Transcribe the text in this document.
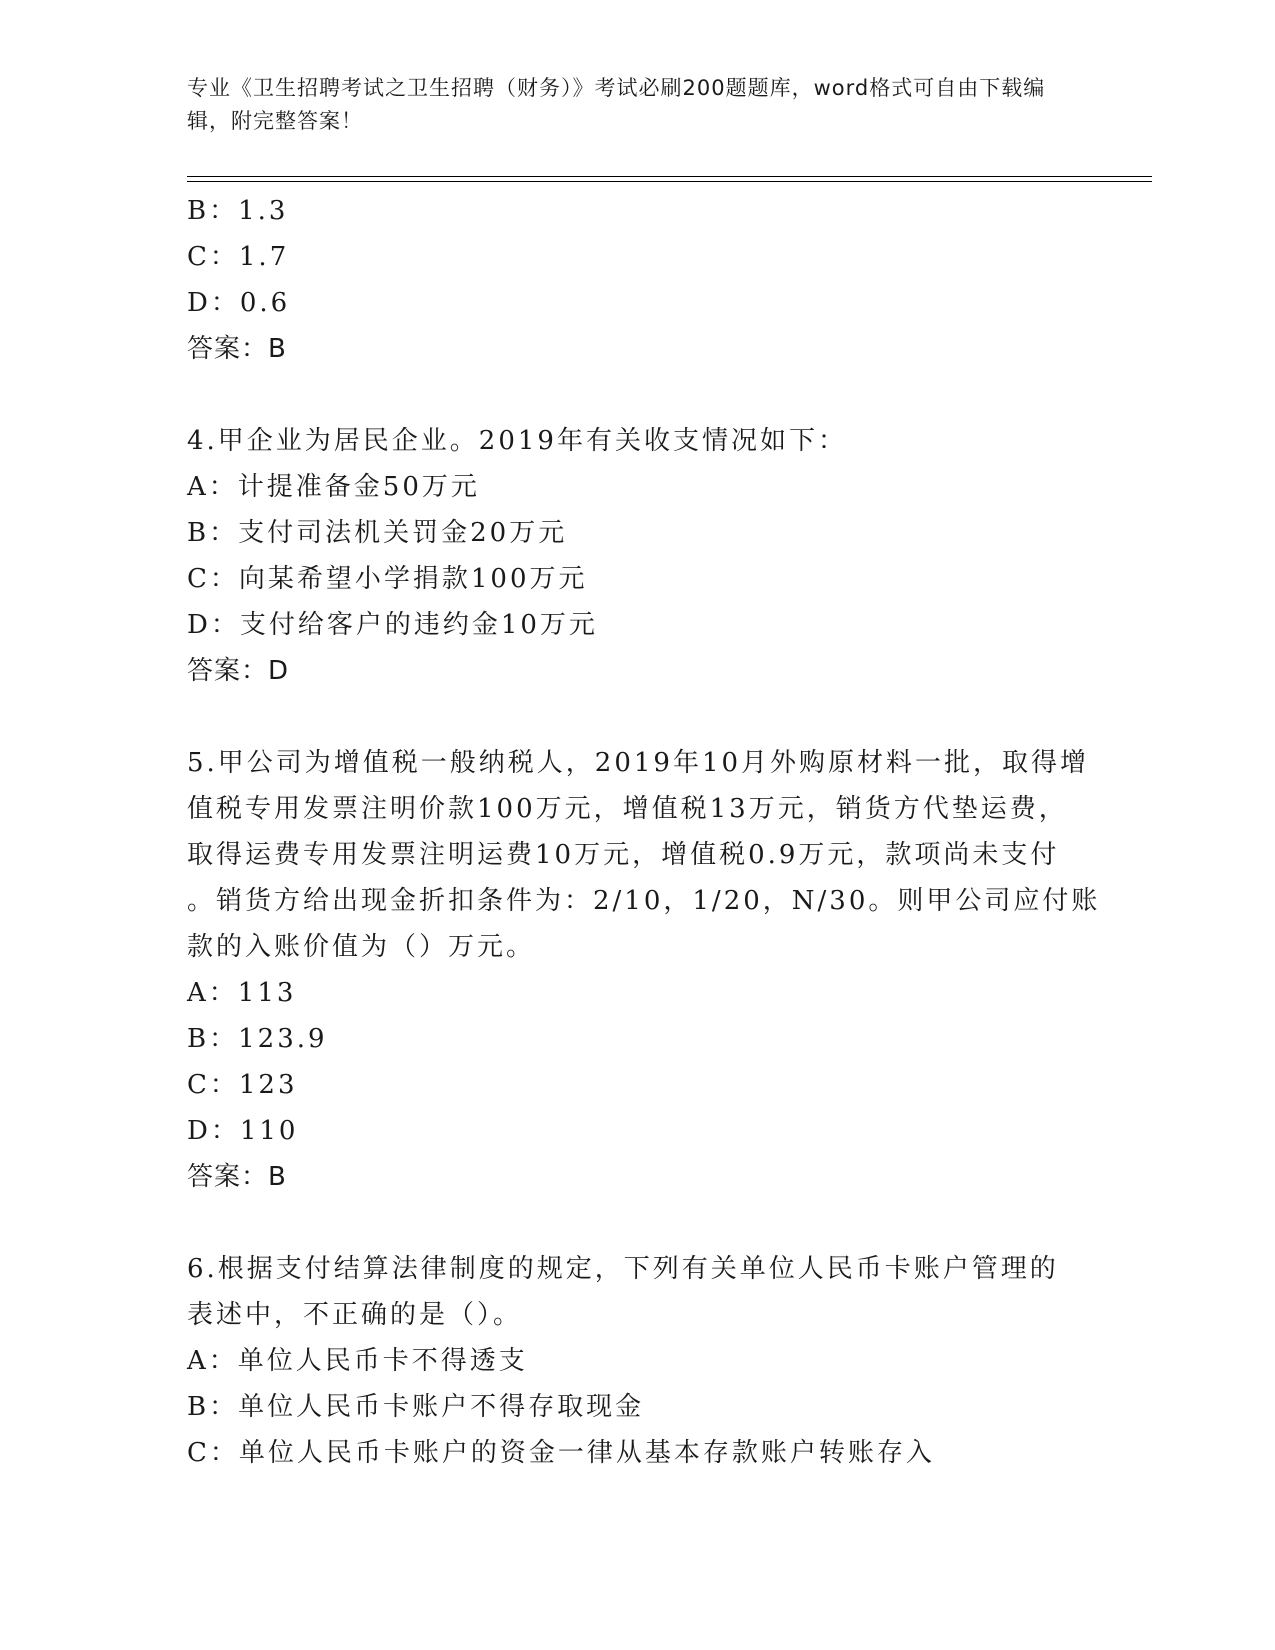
专业《卫生招聘考试之卫生招聘（财务）》考试必刷200题题库，word格式可自由下载编辑，附完整答案！
B：1.3
C：1.7
D：0.6
答案：B
4.甲企业为居民企业。2019年有关收支情况如下：
A：计提准备金50万元
B：支付司法机关罚金20万元
C：向某希望小学捐款100万元
D：支付给客户的违约金10万元
答案：D
5.甲公司为增值税一般纳税人，2019年10月外购原材料一批，取得增
值税专用发票注明价款100万元，增值税13万元，销货方代垫运费，
取得运费专用发票注明运费10万元，增值税0.9万元，款项尚未支付
。销货方给出现金折扣条件为：2/10，1/20，N/30。则甲公司应付账
款的入账价值为（）万元。
A：113
B：123.9
C：123
D：110
答案：B
6.根据支付结算法律制度的规定，下列有关单位人民币卡账户管理的
表述中，不正确的是（）。
A：单位人民币卡不得透支
B：单位人民币卡账户不得存取现金
C：单位人民币卡账户的资金一律从基本存款账户转账存入
